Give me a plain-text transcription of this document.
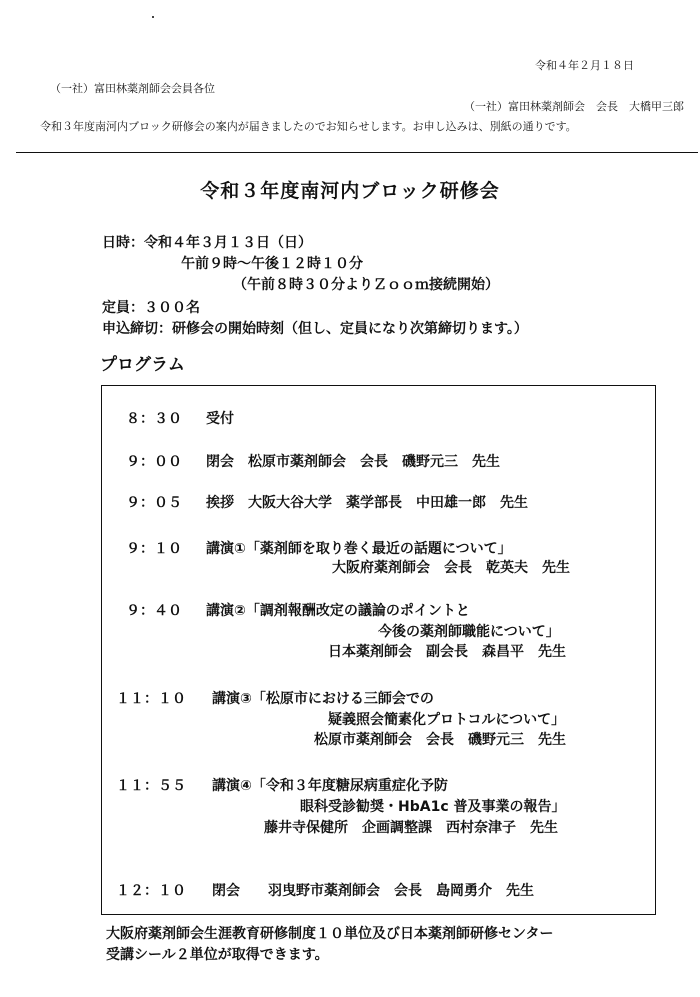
令和４年２月１８日
（一社）富田林薬剤師会会員各位
（一社）富田林薬剤師会　会長　大橋甲三郎
令和３年度南河内ブロック研修会の案内が届きましたのでお知らせします。お申し込みは、別紙の通りです。
令和３年度南河内ブロック研修会
日時：令和４年３月１３日（日）
午前９時～午後１２時１０分
（午前８時３０分よりＺｏｏｍ接続開始）
定員：３００名
申込締切：研修会の開始時刻（但し、定員になり次第締切ります。）
プログラム
８：３０ 受付
９：００ 閉会　松原市薬剤師会　会長　磯野元三　先生
９：０５ 挨拶　大阪大谷大学　薬学部長　中田雄一郎　先生
９：１０ 講演①「薬剤師を取り巻く最近の話題について」
大阪府薬剤師会　会長　乾英夫　先生
９：４０ 講演②「調剤報酬改定の議論のポイントと
今後の薬剤師職能について」
日本薬剤師会　副会長　森昌平　先生
１１：１０ 講演③「松原市における三師会での
疑義照会簡素化プロトコルについて」
松原市薬剤師会　会長　磯野元三　先生
１１：５５ 講演④「令和３年度糖尿病重症化予防
眼科受診勧奨・HbA1c 普及事業の報告」
藤井寺保健所　企画調整課　西村奈津子　先生
１２：１０ 閉会　　羽曳野市薬剤師会　会長　島岡勇介　先生
大阪府薬剤師会生涯教育研修制度１０単位及び日本薬剤師研修センター
受講シール２単位が取得できます。
